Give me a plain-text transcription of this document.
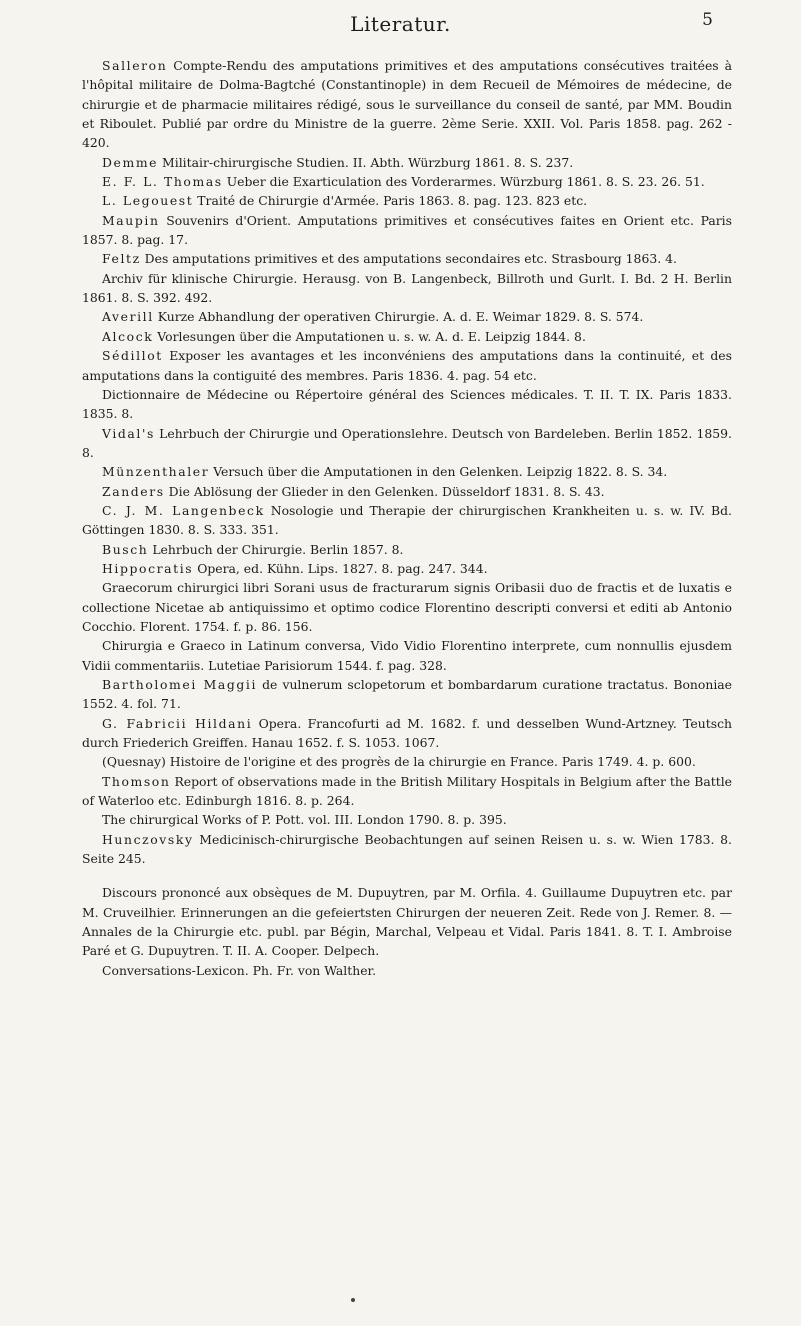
Literatur.	5

Salleron Compte-Rendu des amputations primitives et des amputations consécutives traitées à l'hôpital militaire de Dolma-Bagtché (Constantinople) in dem Recueil de Mémoires de médecine, de chirurgie et de pharmacie militaires rédigé, sous le surveillance du conseil de santé, par MM. Boudin et Riboulet. Publié par ordre du Ministre de la guerre. 2ème Serie. XXII. Vol. Paris 1858. pag. 262 - 420.

Demme Militair-chirurgische Studien. II. Abth. Würzburg 1861. 8. S. 237.

E. F. L. Thomas Ueber die Exarticulation des Vorderarmes. Würzburg 1861. 8. S. 23. 26. 51.

L. Legouest Traité de Chirurgie d'Armée. Paris 1863. 8. pag. 123. 823 etc.

Maupin Souvenirs d'Orient. Amputations primitives et consécutives faites en Orient etc. Paris 1857. 8. pag. 17.

Feltz Des amputations primitives et des amputations secondaires etc. Strasbourg 1863. 4.

Archiv für klinische Chirurgie. Herausg. von B. Langenbeck, Billroth und Gurlt. I. Bd. 2 H. Berlin 1861. 8. S. 392. 492.

Averill Kurze Abhandlung der operativen Chirurgie. A. d. E. Weimar 1829. 8. S. 574.

Alcock Vorlesungen über die Amputationen u. s. w. A. d. E. Leipzig 1844. 8.

Sédillot Exposer les avantages et les inconvéniens des amputations dans la continuité, et des amputations dans la contiguité des membres. Paris 1836. 4. pag. 54 etc.

Dictionnaire de Médecine ou Répertoire général des Sciences médicales. T. II. T. IX. Paris 1833. 1835. 8.

Vidal's Lehrbuch der Chirurgie und Operationslehre. Deutsch von Bardeleben. Berlin 1852. 1859. 8.

Münzenthaler Versuch über die Amputationen in den Gelenken. Leipzig 1822. 8. S. 34.

Zanders Die Ablösung der Glieder in den Gelenken. Düsseldorf 1831. 8. S. 43.

C. J. M. Langenbeck Nosologie und Therapie der chirurgischen Krankheiten u. s. w. IV. Bd. Göttingen 1830. 8. S. 333. 351.

Busch Lehrbuch der Chirurgie. Berlin 1857. 8.

Hippocratis Opera, ed. Kühn. Lips. 1827. 8. pag. 247. 344.

Graecorum chirurgici libri Sorani usus de fracturarum signis Oribasii duo de fractis et de luxatis e collectione Nicetae ab antiquissimo et optimo codice Florentino descripti conversi et editi ab Antonio Cocchio. Florent. 1754. f. p. 86. 156.

Chirurgia e Graeco in Latinum conversa, Vido Vidio Florentino interprete, cum nonnullis ejusdem Vidii commentariis. Lutetiae Parisiorum 1544. f. pag. 328.

Bartholomei Maggii de vulnerum sclopetorum et bombardarum curatione tractatus. Bononiae 1552. 4. fol. 71.

G. Fabricii Hildani Opera. Francofurti ad M. 1682. f. und desselben Wund-Artzney. Teutsch durch Friederich Greiffen. Hanau 1652. f. S. 1053. 1067.

(Quesnay) Histoire de l'origine et des progrès de la chirurgie en France. Paris 1749. 4. p. 600.

Thomson Report of observations made in the British Military Hospitals in Belgium after the Battle of Waterloo etc. Edinburgh 1816. 8. p. 264.

The chirurgical Works of P. Pott. vol. III. London 1790. 8. p. 395.

Hunczovsky Medicinisch-chirurgische Beobachtungen auf seinen Reisen u. s. w. Wien 1783. 8. Seite 245.

Discours prononcé aux obsèques de M. Dupuytren, par M. Orfila. 4. Guillaume Dupuytren etc. par M. Cruveilhier. Erinnerungen an die gefeiertsten Chirurgen der neueren Zeit. Rede von J. Remer. 8. — Annales de la Chirurgie etc. publ. par Bégin, Marchal, Velpeau et Vidal. Paris 1841. 8. T. I. Ambroise Paré et G. Dupuytren. T. II. A. Cooper. Delpech.

Conversations-Lexicon. Ph. Fr. von Walther.
